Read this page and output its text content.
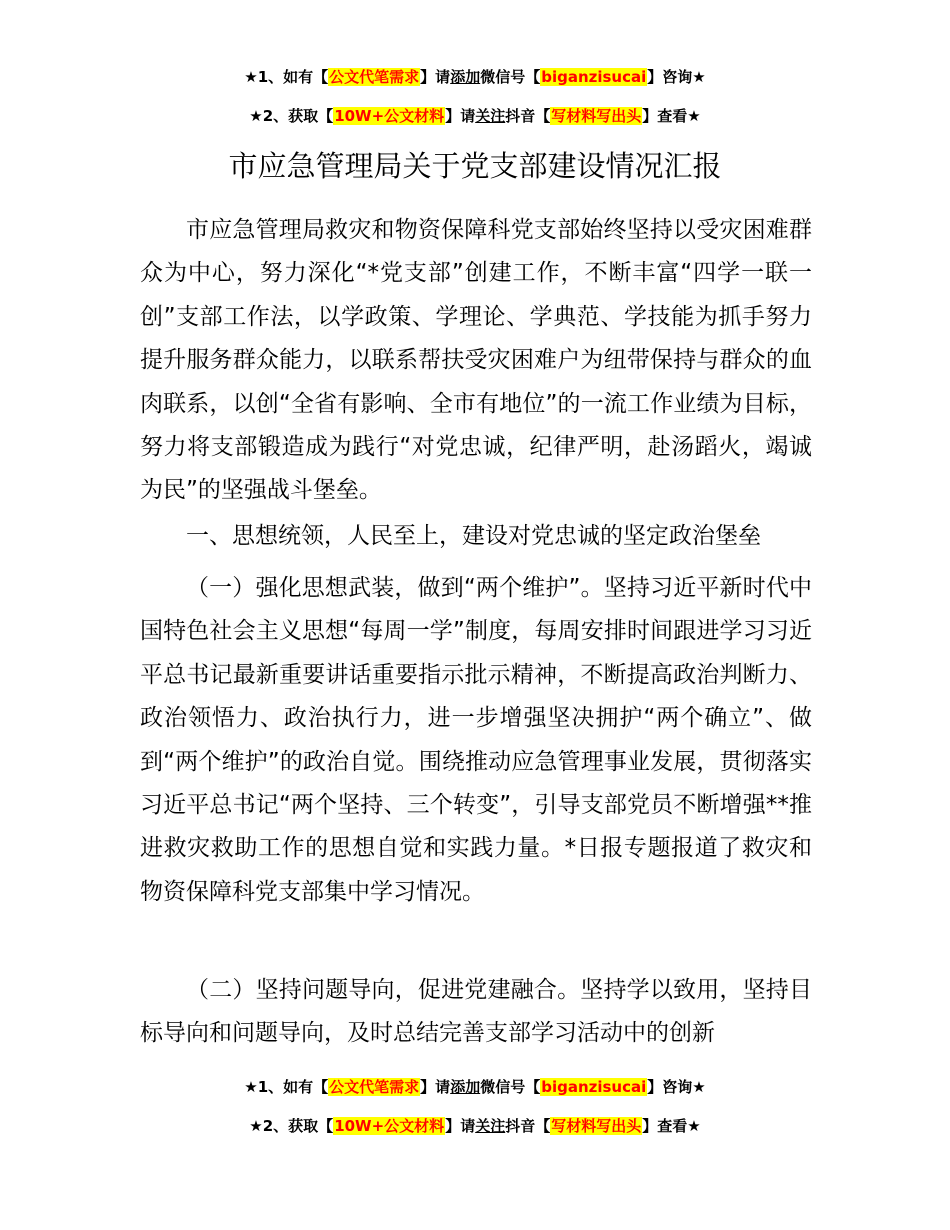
★1、如有【公文代笔需求】请添加微信号【biganzisucai】咨询★
★2、获取【10W+公文材料】请关注抖音【写材料写出头】查看★
市应急管理局关于党支部建设情况汇报

市应急管理局救灾和物资保障科党支部始终坚持以受灾困难群众为中心，努力深化“*党支部”创建工作，不断丰富“四学一联一创”支部工作法，以学政策、学理论、学典范、学技能为抓手努力提升服务群众能力，以联系帮扶受灾困难户为纽带保持与群众的血肉联系，以创“全省有影响、全市有地位”的一流工作业绩为目标，努力将支部锻造成为践行“对党忠诚，纪律严明，赴汤蹈火，竭诚为民”的坚强战斗堡垒。

一、思想统领，人民至上，建设对党忠诚的坚定政治堡垒

（一）强化思想武装，做到“两个维护”。坚持习近平新时代中国特色社会主义思想“每周一学”制度，每周安排时间跟进学习习近平总书记最新重要讲话重要指示批示精神，不断提高政治判断力、政治领悟力、政治执行力，进一步增强坚决拥护“两个确立”、做到“两个维护”的政治自觉。围绕推动应急管理事业发展，贯彻落实习近平总书记“两个坚持、三个转变”，引导支部党员不断增强**推进救灾救助工作的思想自觉和实践力量。*日报专题报道了救灾和物资保障科党支部集中学习情况。

（二）坚持问题导向，促进党建融合。坚持学以致用，坚持目标导向和问题导向，及时总结完善支部学习活动中的创新

★1、如有【公文代笔需求】请添加微信号【biganzisucai】咨询★
★2、获取【10W+公文材料】请关注抖音【写材料写出头】查看★
